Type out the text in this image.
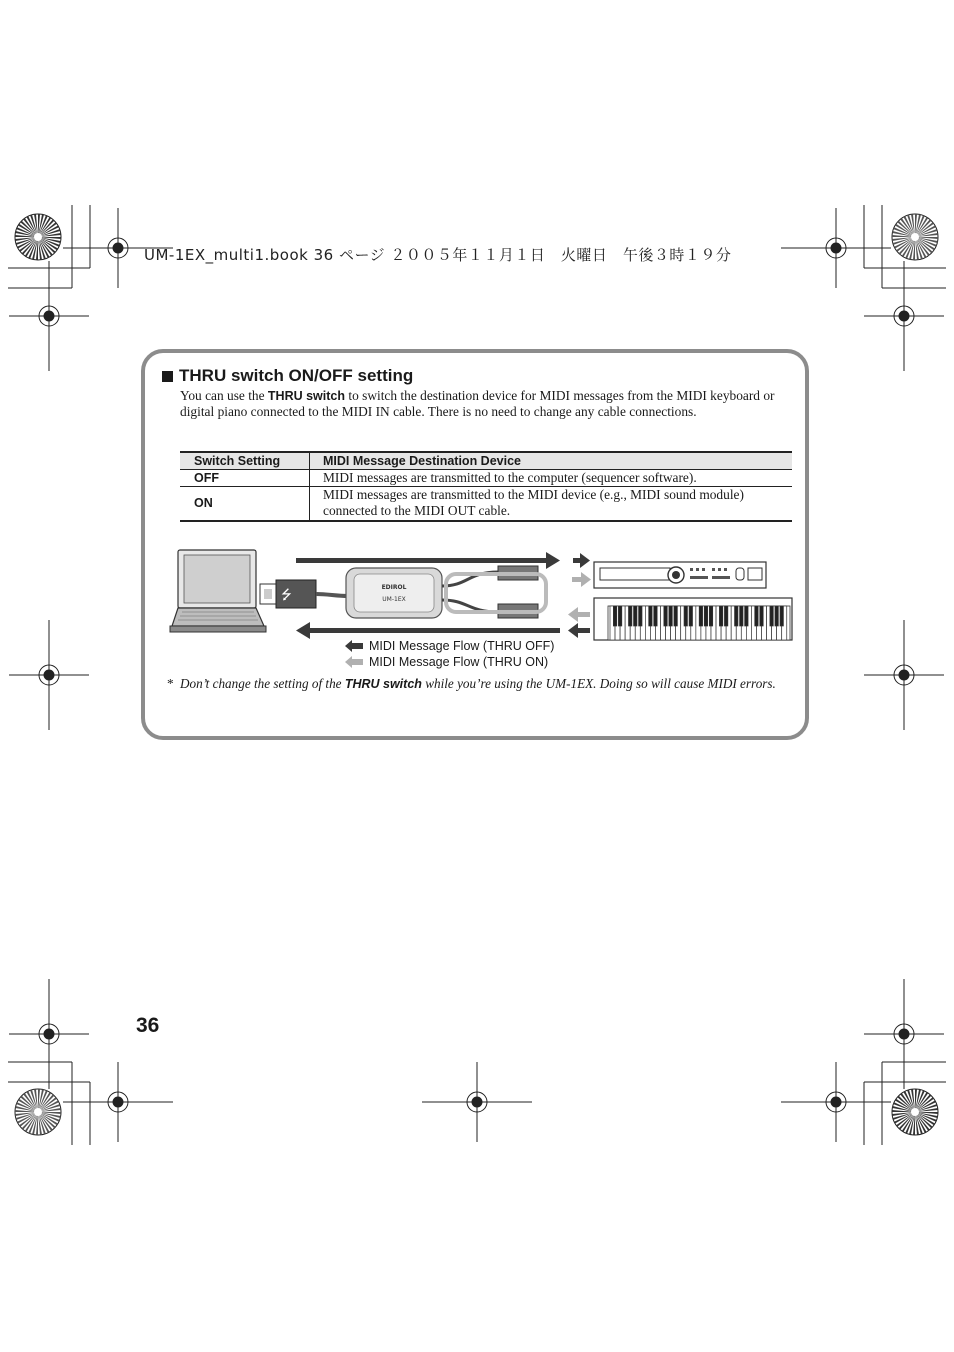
UM-1EX_multi1.book 36 ページ ２００５年１１月１日　火曜日　午後３時１９分
THRU switch ON/OFF setting
You can use the THRU switch to switch the destination device for MIDI messages from the MIDI keyboard or digital piano connected to the MIDI IN cable. There is no need to change any cable connections.
Switch Setting	MIDI Message Destination Device
OFF	MIDI messages are transmitted to the computer (sequencer software).
ON	MIDI messages are transmitted to the MIDI device (e.g., MIDI sound module) connected to the MIDI OUT cable.
⭍
EDIROL
UM-1EX
MIDI Message Flow (THRU OFF)
MIDI Message Flow (THRU ON)
* Don’t change the setting of the THRU switch while you’re using the UM-1EX. Doing so will cause MIDI errors.
36
